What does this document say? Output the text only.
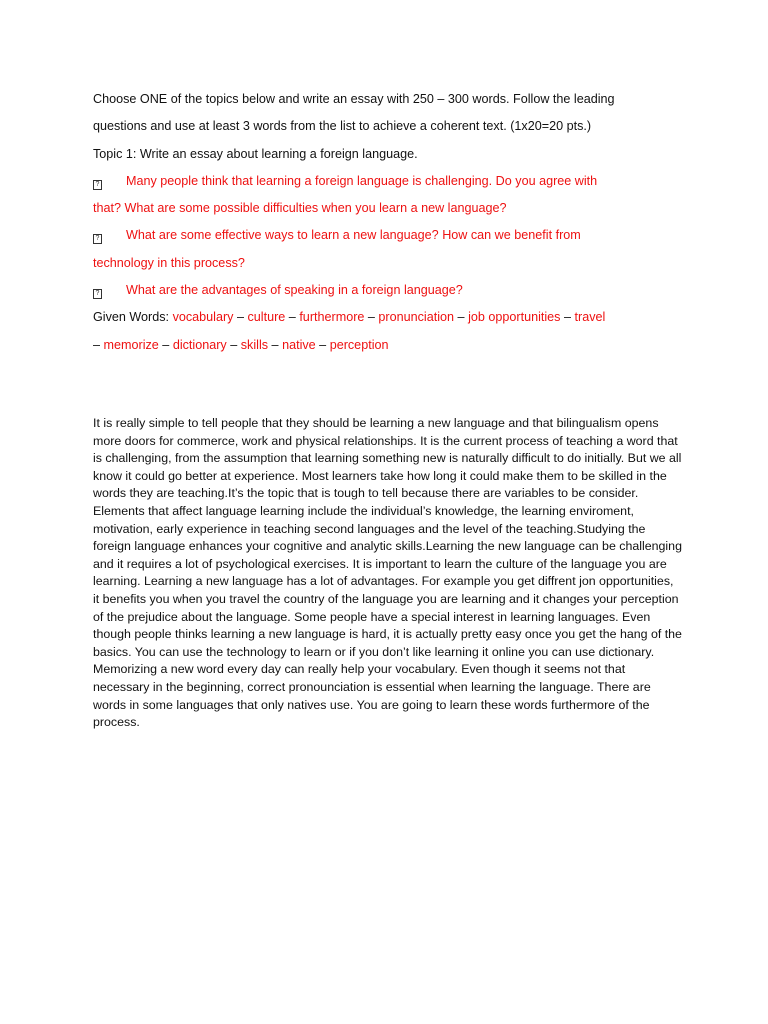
Choose ONE of the topics below and write an essay with 250 – 300 words. Follow the leading
questions and use at least 3 words from the list to achieve a coherent text. (1x20=20 pts.)
Topic 1: Write an essay about learning a foreign language.
? Many people think that learning a foreign language is challenging. Do you agree with
that? What are some possible difficulties when you learn a new language?
? What are some effective ways to learn a new language? How can we benefit from
technology in this process?
? What are the advantages of speaking in a foreign language?
Given Words: vocabulary – culture – furthermore – pronunciation – job opportunities – travel
– memorize – dictionary – skills – native – perception

It is really simple to tell people that they should be learning a new language and that bilingualism opens more doors for commerce, work and physical relationships. It is the current process of teaching a word that is challenging, from the assumption that learning something new is naturally difficult to do initially. But we all know it could go better at experience. Most learners take how long it could make them to be skilled in the words they are teaching.It’s the topic that is tough to tell because there are variables to be consider. Elements that affect language learning include the individual’s knowledge, the learning enviroment, motivation, early experience in teaching second languages and the level of the teaching.Studying the foreign language enhances your cognitive and analytic skills.Learning the new language can be challenging and it requires a lot of psychological exercises. It is important to learn the culture of the language you are learning. Learning a new language has a lot of advantages. For example you get diffrent jon opportunities, it benefits you when you travel the country of the language you are learning and it changes your perception of the prejudice about the language. Some people have a special interest in learning languages. Even though people thinks learning a new language is hard, it is actually pretty easy once you get the hang of the basics. You can use the technology to learn or if you don’t like learning it online you can use dictionary. Memorizing a new word every day can really help your vocabulary. Even though it seems not that necessary in the beginning, correct pronounciation is essential when learning the language. There are words in some languages that only natives use. You are going to learn these words furthermore of the process.
